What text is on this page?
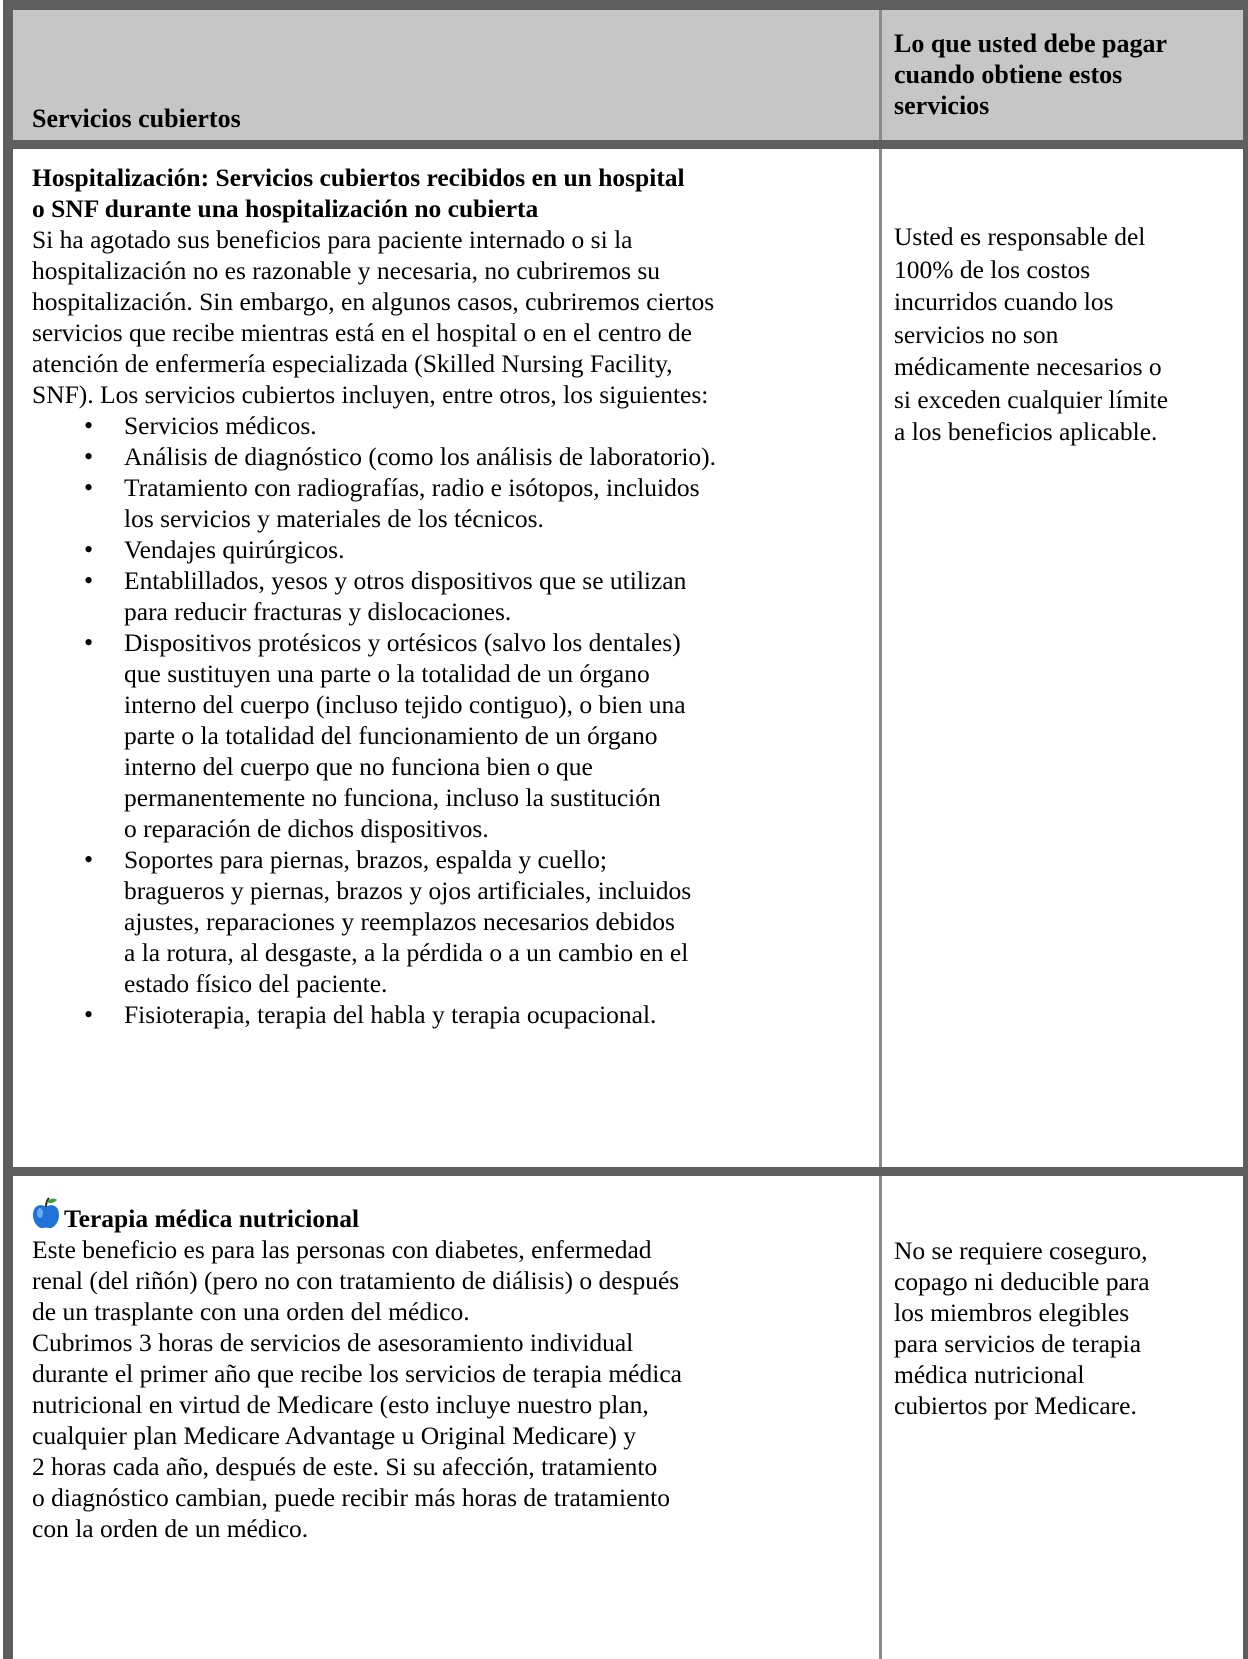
Servicios cubiertos
Lo que usted debe pagar
cuando obtiene estos
servicios
Hospitalización: Servicios cubiertos recibidos en un hospital
o SNF durante una hospitalización no cubierta
Si ha agotado sus beneficios para paciente internado o si la
hospitalización no es razonable y necesaria, no cubriremos su
hospitalización. Sin embargo, en algunos casos, cubriremos ciertos
servicios que recibe mientras está en el hospital o en el centro de
atención de enfermería especializada (Skilled Nursing Facility,
SNF). Los servicios cubiertos incluyen, entre otros, los siguientes:
• Servicios médicos.
• Análisis de diagnóstico (como los análisis de laboratorio).
• Tratamiento con radiografías, radio e isótopos, incluidos
los servicios y materiales de los técnicos.
• Vendajes quirúrgicos.
• Entablillados, yesos y otros dispositivos que se utilizan
para reducir fracturas y dislocaciones.
• Dispositivos protésicos y ortésicos (salvo los dentales)
que sustituyen una parte o la totalidad de un órgano
interno del cuerpo (incluso tejido contiguo), o bien una
parte o la totalidad del funcionamiento de un órgano
interno del cuerpo que no funciona bien o que
permanentemente no funciona, incluso la sustitución
o reparación de dichos dispositivos.
• Soportes para piernas, brazos, espalda y cuello;
bragueros y piernas, brazos y ojos artificiales, incluidos
ajustes, reparaciones y reemplazos necesarios debidos
a la rotura, al desgaste, a la pérdida o a un cambio en el
estado físico del paciente.
• Fisioterapia, terapia del habla y terapia ocupacional.
Usted es responsable del
100% de los costos
incurridos cuando los
servicios no son
médicamente necesarios o
si exceden cualquier límite
a los beneficios aplicable.
Terapia médica nutricional
Este beneficio es para las personas con diabetes, enfermedad
renal (del riñón) (pero no con tratamiento de diálisis) o después
de un trasplante con una orden del médico.
Cubrimos 3 horas de servicios de asesoramiento individual
durante el primer año que recibe los servicios de terapia médica
nutricional en virtud de Medicare (esto incluye nuestro plan,
cualquier plan Medicare Advantage u Original Medicare) y
2 horas cada año, después de este. Si su afección, tratamiento
o diagnóstico cambian, puede recibir más horas de tratamiento
con la orden de un médico.
No se requiere coseguro,
copago ni deducible para
los miembros elegibles
para servicios de terapia
médica nutricional
cubiertos por Medicare.
